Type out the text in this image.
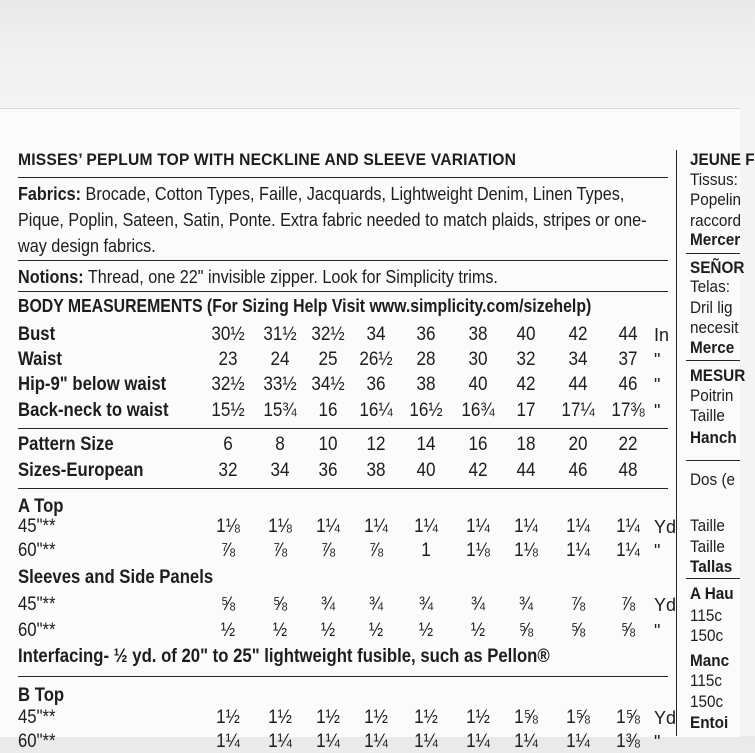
MISSES’ PEPLUM TOP WITH NECKLINE AND SLEEVE VARIATION
Fabrics: Brocade, Cotton Types, Faille, Jacquards, Lightweight Denim, Linen Types, Pique, Poplin, Sateen, Satin, Ponte. Extra fabric needed to match plaids, stripes or one-way design fabrics.
Notions: Thread, one 22" invisible zipper. Look for Simplicity trims.
BODY MEASUREMENTS (For Sizing Help Visit www.simplicity.com/sizehelp)
Bust	30½ 31½ 32½ 34 36 38 40 42 44 In
Waist	23 24 25 26½ 28 30 32 34 37 "
Hip-9" below waist 32½ 33½ 34½ 36 38 40 42 44 46 "
Back-neck to waist 15½ 15¾ 16 16¼ 16½ 16¾ 17 17¼ 17⅜ "
Pattern Size	6 8 10 12 14 16 18 20 22
Sizes-European	32 34 36 38 40 42 44 46 48
A Top
45"**	1⅛ 1⅛ 1¼ 1¼ 1¼ 1¼ 1¼ 1¼ 1¼ Yd
60"**	⅞ ⅞ ⅞ ⅞ 1 1⅛ 1⅛ 1¼ 1¼ "
Sleeves and Side Panels
45"**	⅝ ⅝ ¾ ¾ ¾ ¾ ¾ ⅞ ⅞ Yd
60"**	½ ½ ½ ½ ½ ½ ⅝ ⅝ ⅝ "
Interfacing- ½ yd. of 20" to 25" lightweight fusible, such as Pellon®
B Top
45"**	1½ 1½ 1½ 1½ 1½ 1½ 1⅝ 1⅝ 1⅝ Yd
60"**	1¼ 1¼ 1¼ 1¼ 1¼ 1¼ 1¼ 1¼ 1⅜ "
JEUNE F
Tissus:
Popelin
raccord
Mercer
SEÑOR
Telas:
Dril lig
necesit
Merce
MESUR
Poitrin
Taille
Hanch
Dos (e
Taille
Taille
Tallas
A Hau
115c
150c
Manc
115c
150c
Entoi
